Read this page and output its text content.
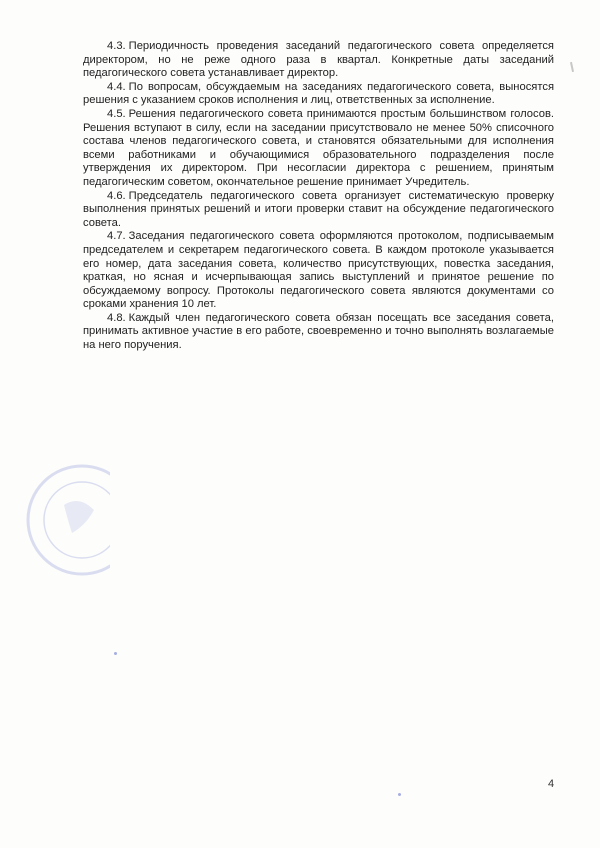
4.3. Периодичность проведения заседаний педагогического совета определяется директором, но не реже одного раза в квартал. Конкретные даты заседаний педагогического совета устанавливает директор.

4.4. По вопросам, обсуждаемым на заседаниях педагогического совета, выносятся решения с указанием сроков исполнения и лиц, ответственных за исполнение.

4.5. Решения педагогического совета принимаются простым большинством голосов. Решения вступают в силу, если на заседании присутствовало не менее 50% списочного состава членов педагогического совета, и становятся обязательными для исполнения всеми работниками и обучающимися образовательного подразделения после утверждения их директором. При несогласии директора с решением, принятым педагогическим советом, окончательное решение принимает Учредитель.

4.6. Председатель педагогического совета организует систематическую проверку выполнения принятых решений и итоги проверки ставит на обсуждение педагогического совета.

4.7. Заседания педагогического совета оформляются протоколом, подписываемым председателем и секретарем педагогического совета. В каждом протоколе указывается его номер, дата заседания совета, количество присутствующих, повестка заседания, краткая, но ясная и исчерпывающая запись выступлений и принятое решение по обсуждаемому вопросу. Протоколы педагогического совета являются документами со сроками хранения 10 лет.

4.8. Каждый член педагогического совета обязан посещать все заседания совета, принимать активное участие в его работе, своевременно и точно выполнять возлагаемые на него поручения.

4
